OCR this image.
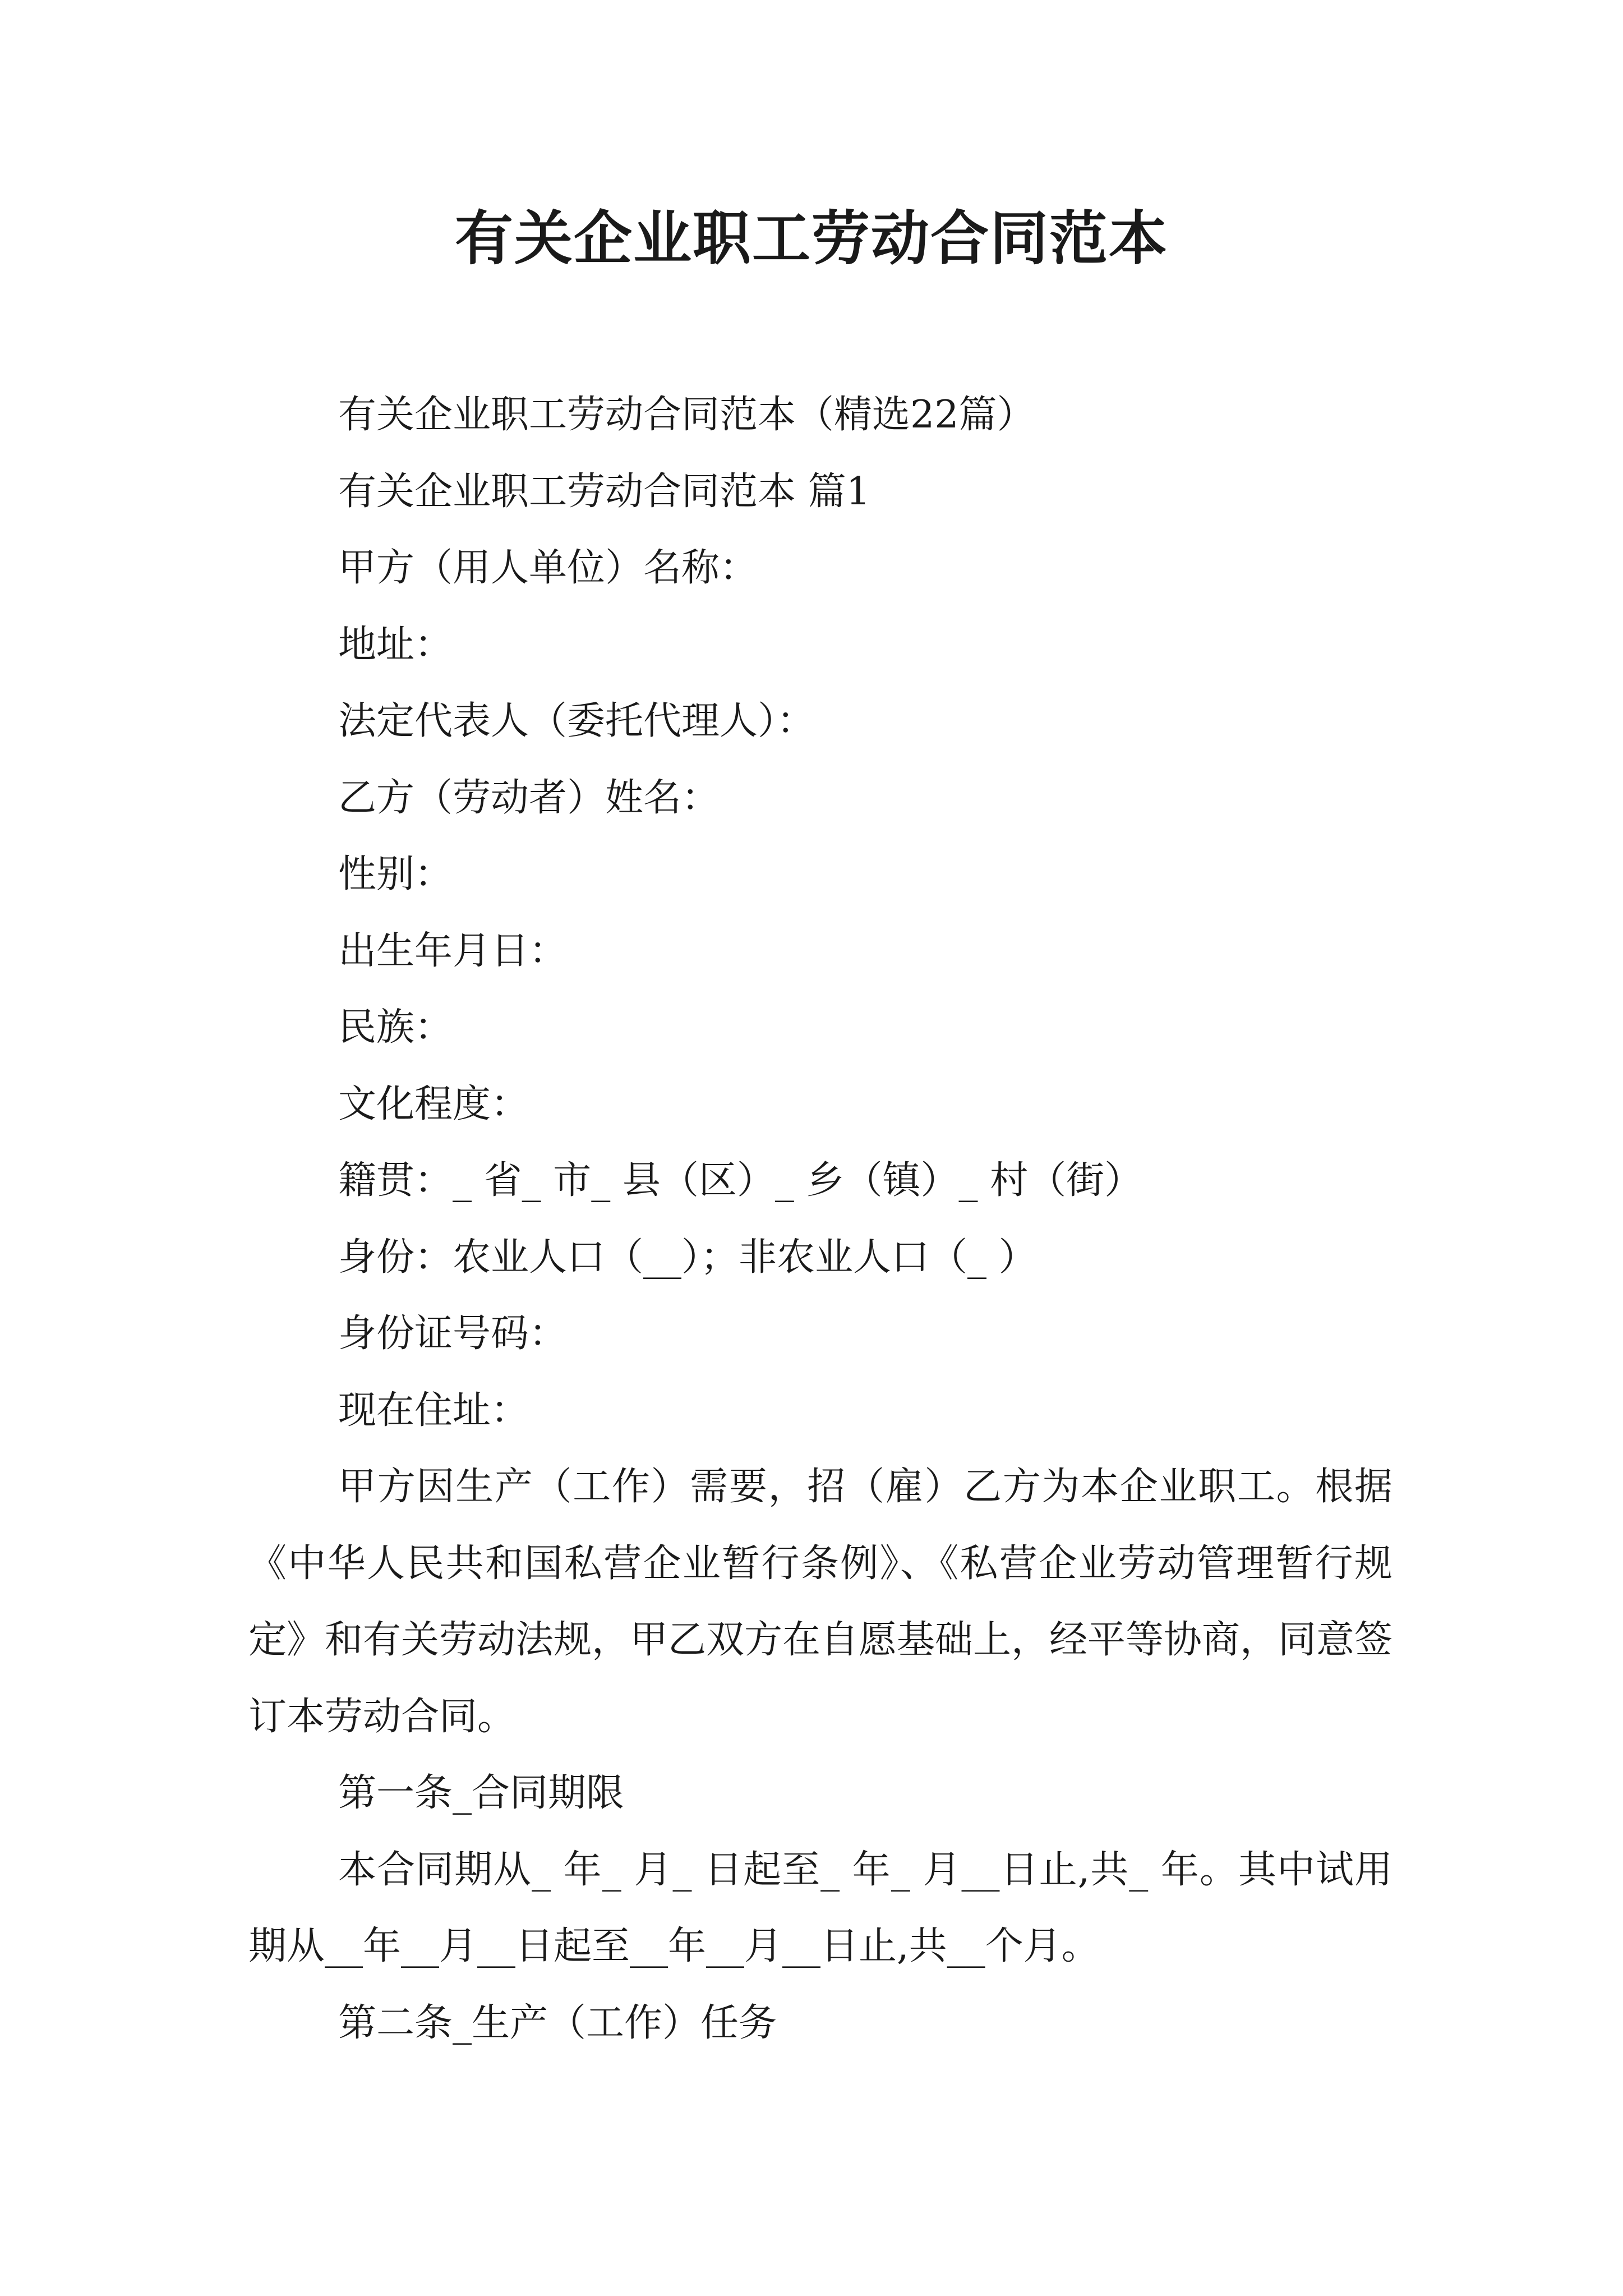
有关企业职工劳动合同范本

有关企业职工劳动合同范本（精选22篇）

有关企业职工劳动合同范本 篇1

甲方（用人单位）名称：

地址：

法定代表人（委托代理人）：

乙方（劳动者）姓名：

性别：

出生年月日：

民族：

文化程度：

籍贯：_ 省_ 市_ 县（区）_ 乡（镇）_ 村（街）

身份：农业人口（__）；非农业人口（_ ）

身份证号码：

现在住址：

甲方因生产（工作）需要，招（雇）乙方为本企业职工。根据《中华人民共和国私营企业暂行条例》、《私营企业劳动管理暂行规定》和有关劳动法规，甲乙双方在自愿基础上，经平等协商，同意签订本劳动合同。

第一条_合同期限

本合同期从_ 年_ 月_ 日起至_ 年_ 月__日止,共_ 年。其中试用期从__年__月__日起至__年__月__日止,共__个月。

第二条_生产（工作）任务
